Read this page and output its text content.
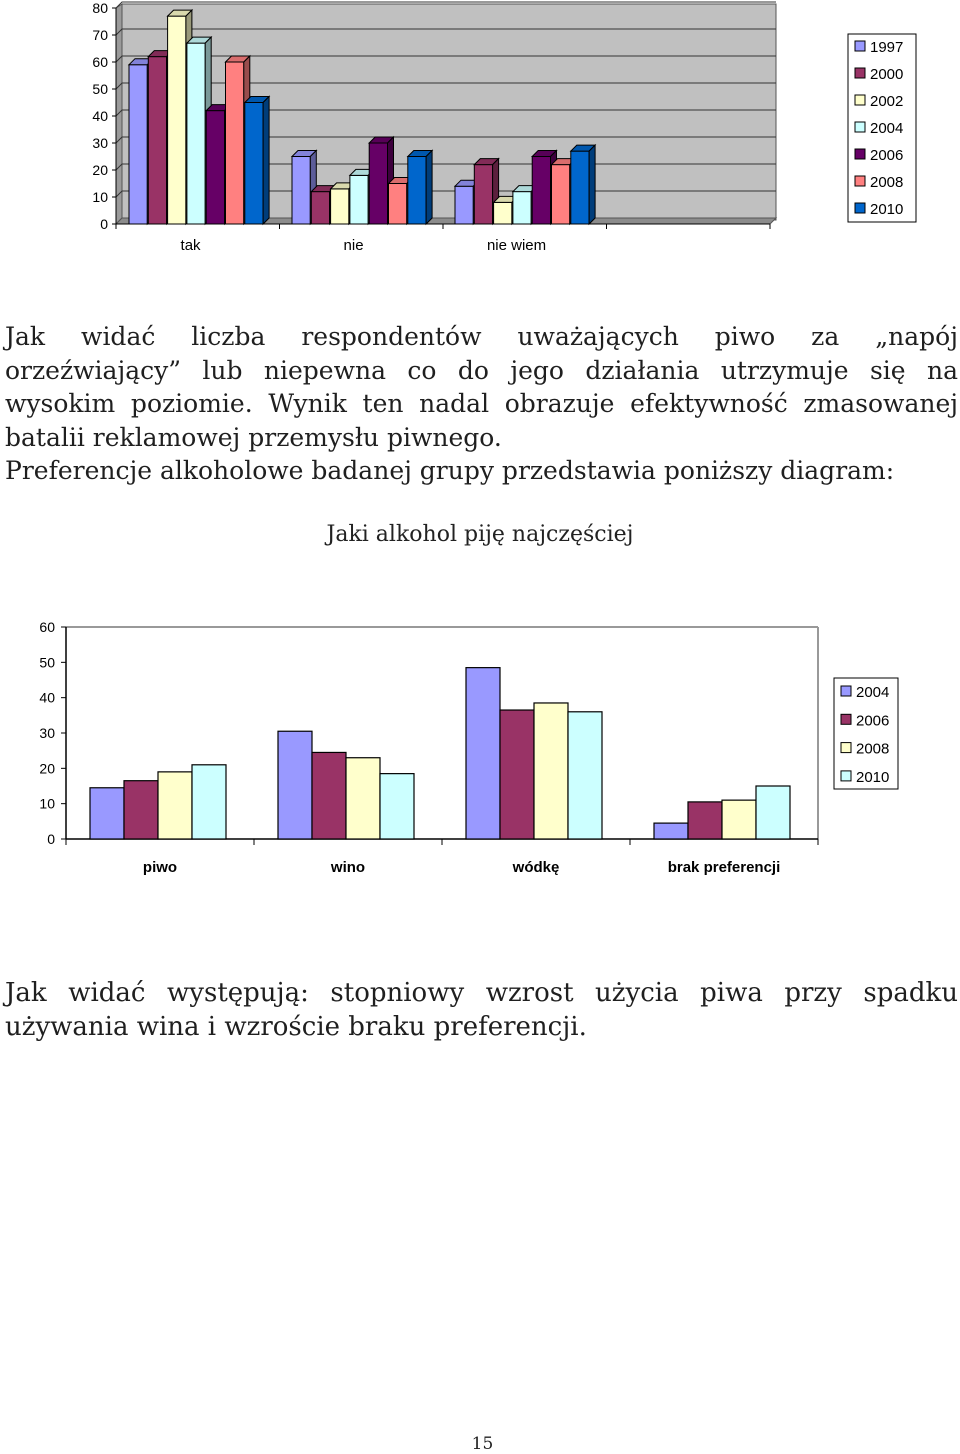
0
10
20
30
40
50
60
70
80
tak	nie	nie wiem
1997
2000
2002
2004
2006
2008
2010
Jak widać liczba respondentów uważających piwo za „napój
orzeźwiający” lub niepewna co do jego działania utrzymuje się na
wysokim poziomie. Wynik ten nadal obrazuje efektywność zmasowanej
batalii reklamowej przemysłu piwnego.
Preferencje alkoholowe badanej grupy przedstawia poniższy diagram:
Jaki alkohol piję najczęściej
0
10
20
30
40
50
60
piwo	wino	wódkę	brak preferencji
2004
2006
2008
2010
Jak widać występują: stopniowy wzrost użycia piwa przy spadku
używania wina i wzroście braku preferencji.
15
